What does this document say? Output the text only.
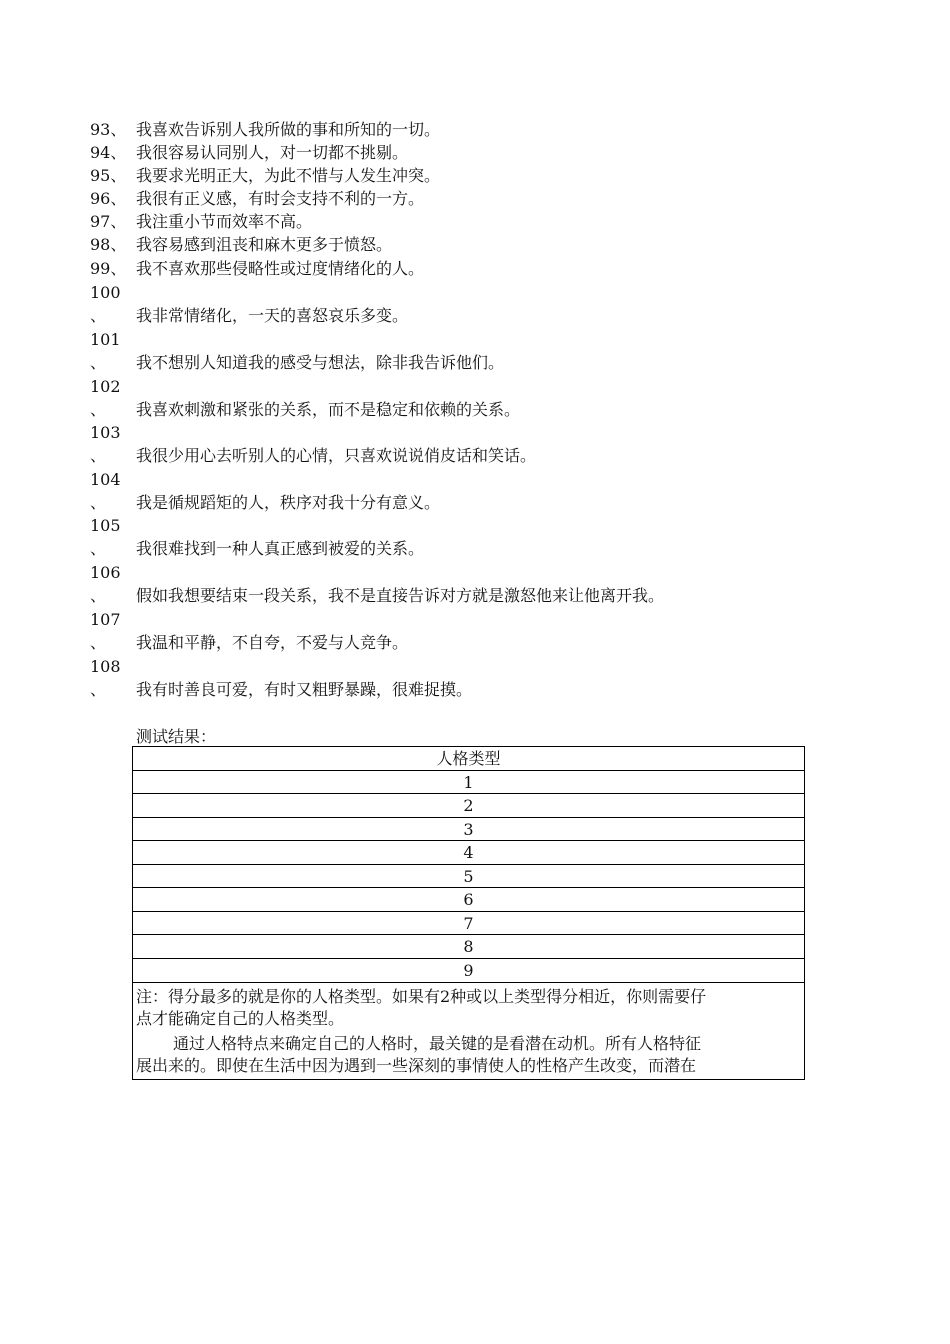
93、 我喜欢告诉别人我所做的事和所知的一切。
94、 我很容易认同别人，对一切都不挑剔。
95、 我要求光明正大，为此不惜与人发生冲突。
96、 我很有正义感，有时会支持不利的一方。
97、 我注重小节而效率不高。
98、 我容易感到沮丧和麻木更多于愤怒。
99、 我不喜欢那些侵略性或过度情绪化的人。
100
、 我非常情绪化，一天的喜怒哀乐多变。
101
、 我不想别人知道我的感受与想法，除非我告诉他们。
102
、 我喜欢刺激和紧张的关系，而不是稳定和依赖的关系。
103
、 我很少用心去听别人的心情，只喜欢说说俏皮话和笑话。
104
、 我是循规蹈矩的人，秩序对我十分有意义。
105
、 我很难找到一种人真正感到被爱的关系。
106
、 假如我想要结束一段关系，我不是直接告诉对方就是激怒他来让他离开我。
107
、 我温和平静，不自夸，不爱与人竞争。
108
、 我有时善良可爱，有时又粗野暴躁，很难捉摸。
测试结果：
人格类型
1
2
3
4
5
6
7
8
9
注：得分最多的就是你的人格类型。如果有2种或以上类型得分相近，你则需要仔
点才能确定自己的人格类型。
通过人格特点来确定自己的人格时，最关键的是看潜在动机。所有人格特征
展出来的。即使在生活中因为遇到一些深刻的事情使人的性格产生改变，而潜在
